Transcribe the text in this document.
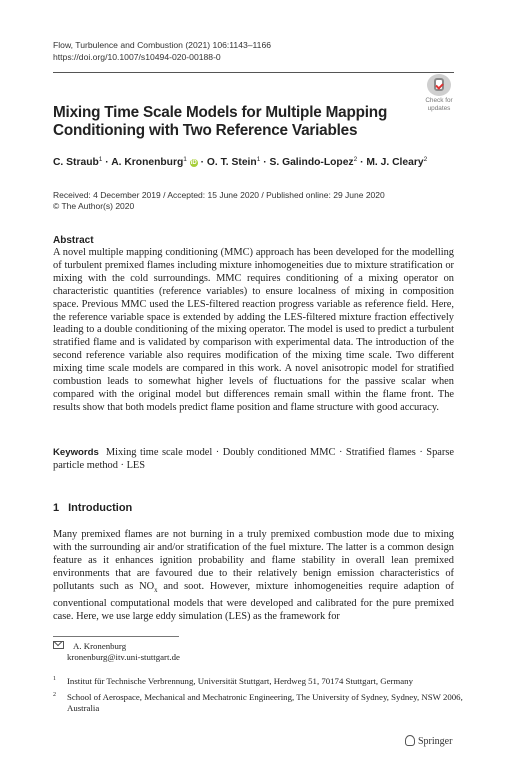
Flow, Turbulence and Combustion (2021) 106:1143–1166
https://doi.org/10.1007/s10494-020-00188-0
Check for
updates
Mixing Time Scale Models for Multiple Mapping Conditioning with Two Reference Variables
C. Straub$^1$ · A. Kronenburg$^1$ iD · O. T. Stein$^1$ · S. Galindo-Lopez$^2$ · M. J. Cleary$^2$
Received: 4 December 2019 / Accepted: 15 June 2020 / Published online: 29 June 2020
© The Author(s) 2020
Abstract
A novel multiple mapping conditioning (MMC) approach has been developed for the modelling of turbulent premixed flames including mixture inhomogeneities due to mixture stratification or mixing with the cold surroundings. MMC requires conditioning of a mixing operator on characteristic quantities (reference variables) to ensure localness of mixing in composition space. Previous MMC used the LES-filtered reaction progress variable as reference field. Here, the reference variable space is extended by adding the LES-filtered mixture fraction effectively leading to a double conditioning of the mixing operator. The model is used to predict a turbulent stratified flame and is validated by comparison with experimental data. The introduction of the second reference variable also requires modification of the mixing time scale. Two different mixing time scale models are compared in this work. A novel anisotropic model for stratified combustion leads to somewhat higher levels of fluctuations for the passive scalar when compared with the original model but differences remain small within the flame front. The results show that both models predict flame position and flame structure with good accuracy.
Keywords Mixing time scale model · Doubly conditioned MMC · Stratified flames · Sparse particle method · LES
1 Introduction
Many premixed flames are not burning in a truly premixed combustion mode due to mixing with the surrounding air and/or stratification of the fuel mixture. The latter is a common design feature as it enhances ignition probability and flame stability in overall lean premixed environments that are favoured due to their relatively benign emission characteristics of pollutants such as $NO_x$ and soot. However, mixture inhomogeneities require adaption of conventional computational models that were developed and calibrated for the pure premixed case. Here, we use large eddy simulation (LES) as the framework for
A. Kronenburg
kronenburg@itv.uni-stuttgart.de
1 Institut für Technische Verbrennung, Universität Stuttgart, Herdweg 51, 70174 Stuttgart, Germany
2 School of Aerospace, Mechanical and Mechatronic Engineering, The University of Sydney, Sydney, NSW 2006, Australia
Springer
